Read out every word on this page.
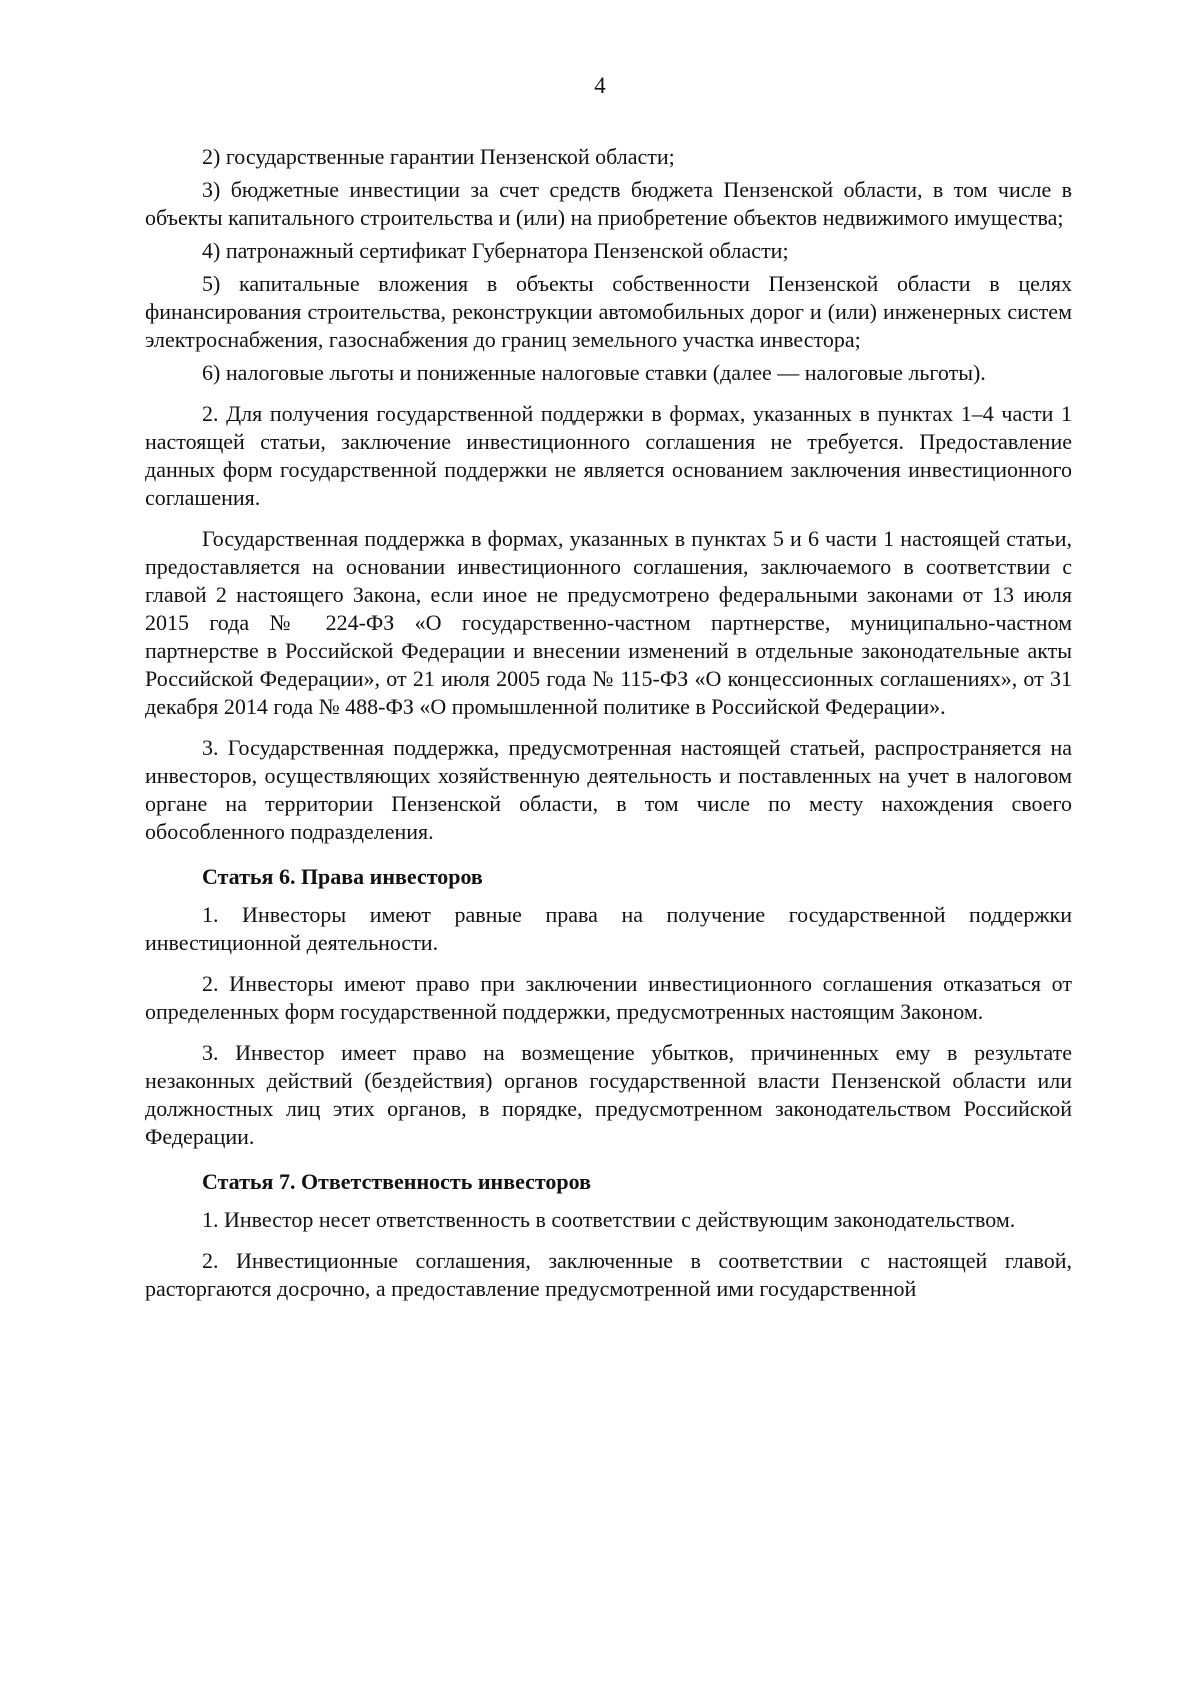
4

2) государственные гарантии Пензенской области;

3) бюджетные инвестиции за счет средств бюджета Пензенской области, в том числе в объекты капитального строительства и (или) на приобретение объектов недвижимого имущества;

4) патронажный сертификат Губернатора Пензенской области;

5) капитальные вложения в объекты собственности Пензенской области в целях финансирования строительства, реконструкции автомобильных дорог и (или) инженерных систем электроснабжения, газоснабжения до границ земельного участка инвестора;

6) налоговые льготы и пониженные налоговые ставки (далее — налоговые льготы).

2. Для получения государственной поддержки в формах, указанных в пунктах 1–4 части 1 настоящей статьи, заключение инвестиционного соглашения не требуется. Предоставление данных форм государственной поддержки не является основанием заключения инвестиционного соглашения.

Государственная поддержка в формах, указанных в пунктах 5 и 6 части 1 настоящей статьи, предоставляется на основании инвестиционного соглашения, заключаемого в соответствии с главой 2 настоящего Закона, если иное не предусмотрено федеральными законами от 13 июля 2015 года № 224-ФЗ «О государственно-частном партнерстве, муниципально-частном партнерстве в Российской Федерации и внесении изменений в отдельные законодательные акты Российской Федерации», от 21 июля 2005 года № 115-ФЗ «О концессионных соглашениях», от 31 декабря 2014 года № 488-ФЗ «О промышленной политике в Российской Федерации».

3. Государственная поддержка, предусмотренная настоящей статьей, распространяется на инвесторов, осуществляющих хозяйственную деятельность и поставленных на учет в налоговом органе на территории Пензенской области, в том числе по месту нахождения своего обособленного подразделения.

Статья 6. Права инвесторов

1. Инвесторы имеют равные права на получение государственной поддержки инвестиционной деятельности.

2. Инвесторы имеют право при заключении инвестиционного соглашения отказаться от определенных форм государственной поддержки, предусмотренных настоящим Законом.

3. Инвестор имеет право на возмещение убытков, причиненных ему в результате незаконных действий (бездействия) органов государственной власти Пензенской области или должностных лиц этих органов, в порядке, предусмотренном законодательством Российской Федерации.

Статья 7. Ответственность инвесторов

1. Инвестор несет ответственность в соответствии с действующим законодательством.

2. Инвестиционные соглашения, заключенные в соответствии с настоящей главой, расторгаются досрочно, а предоставление предусмотренной ими государственной
